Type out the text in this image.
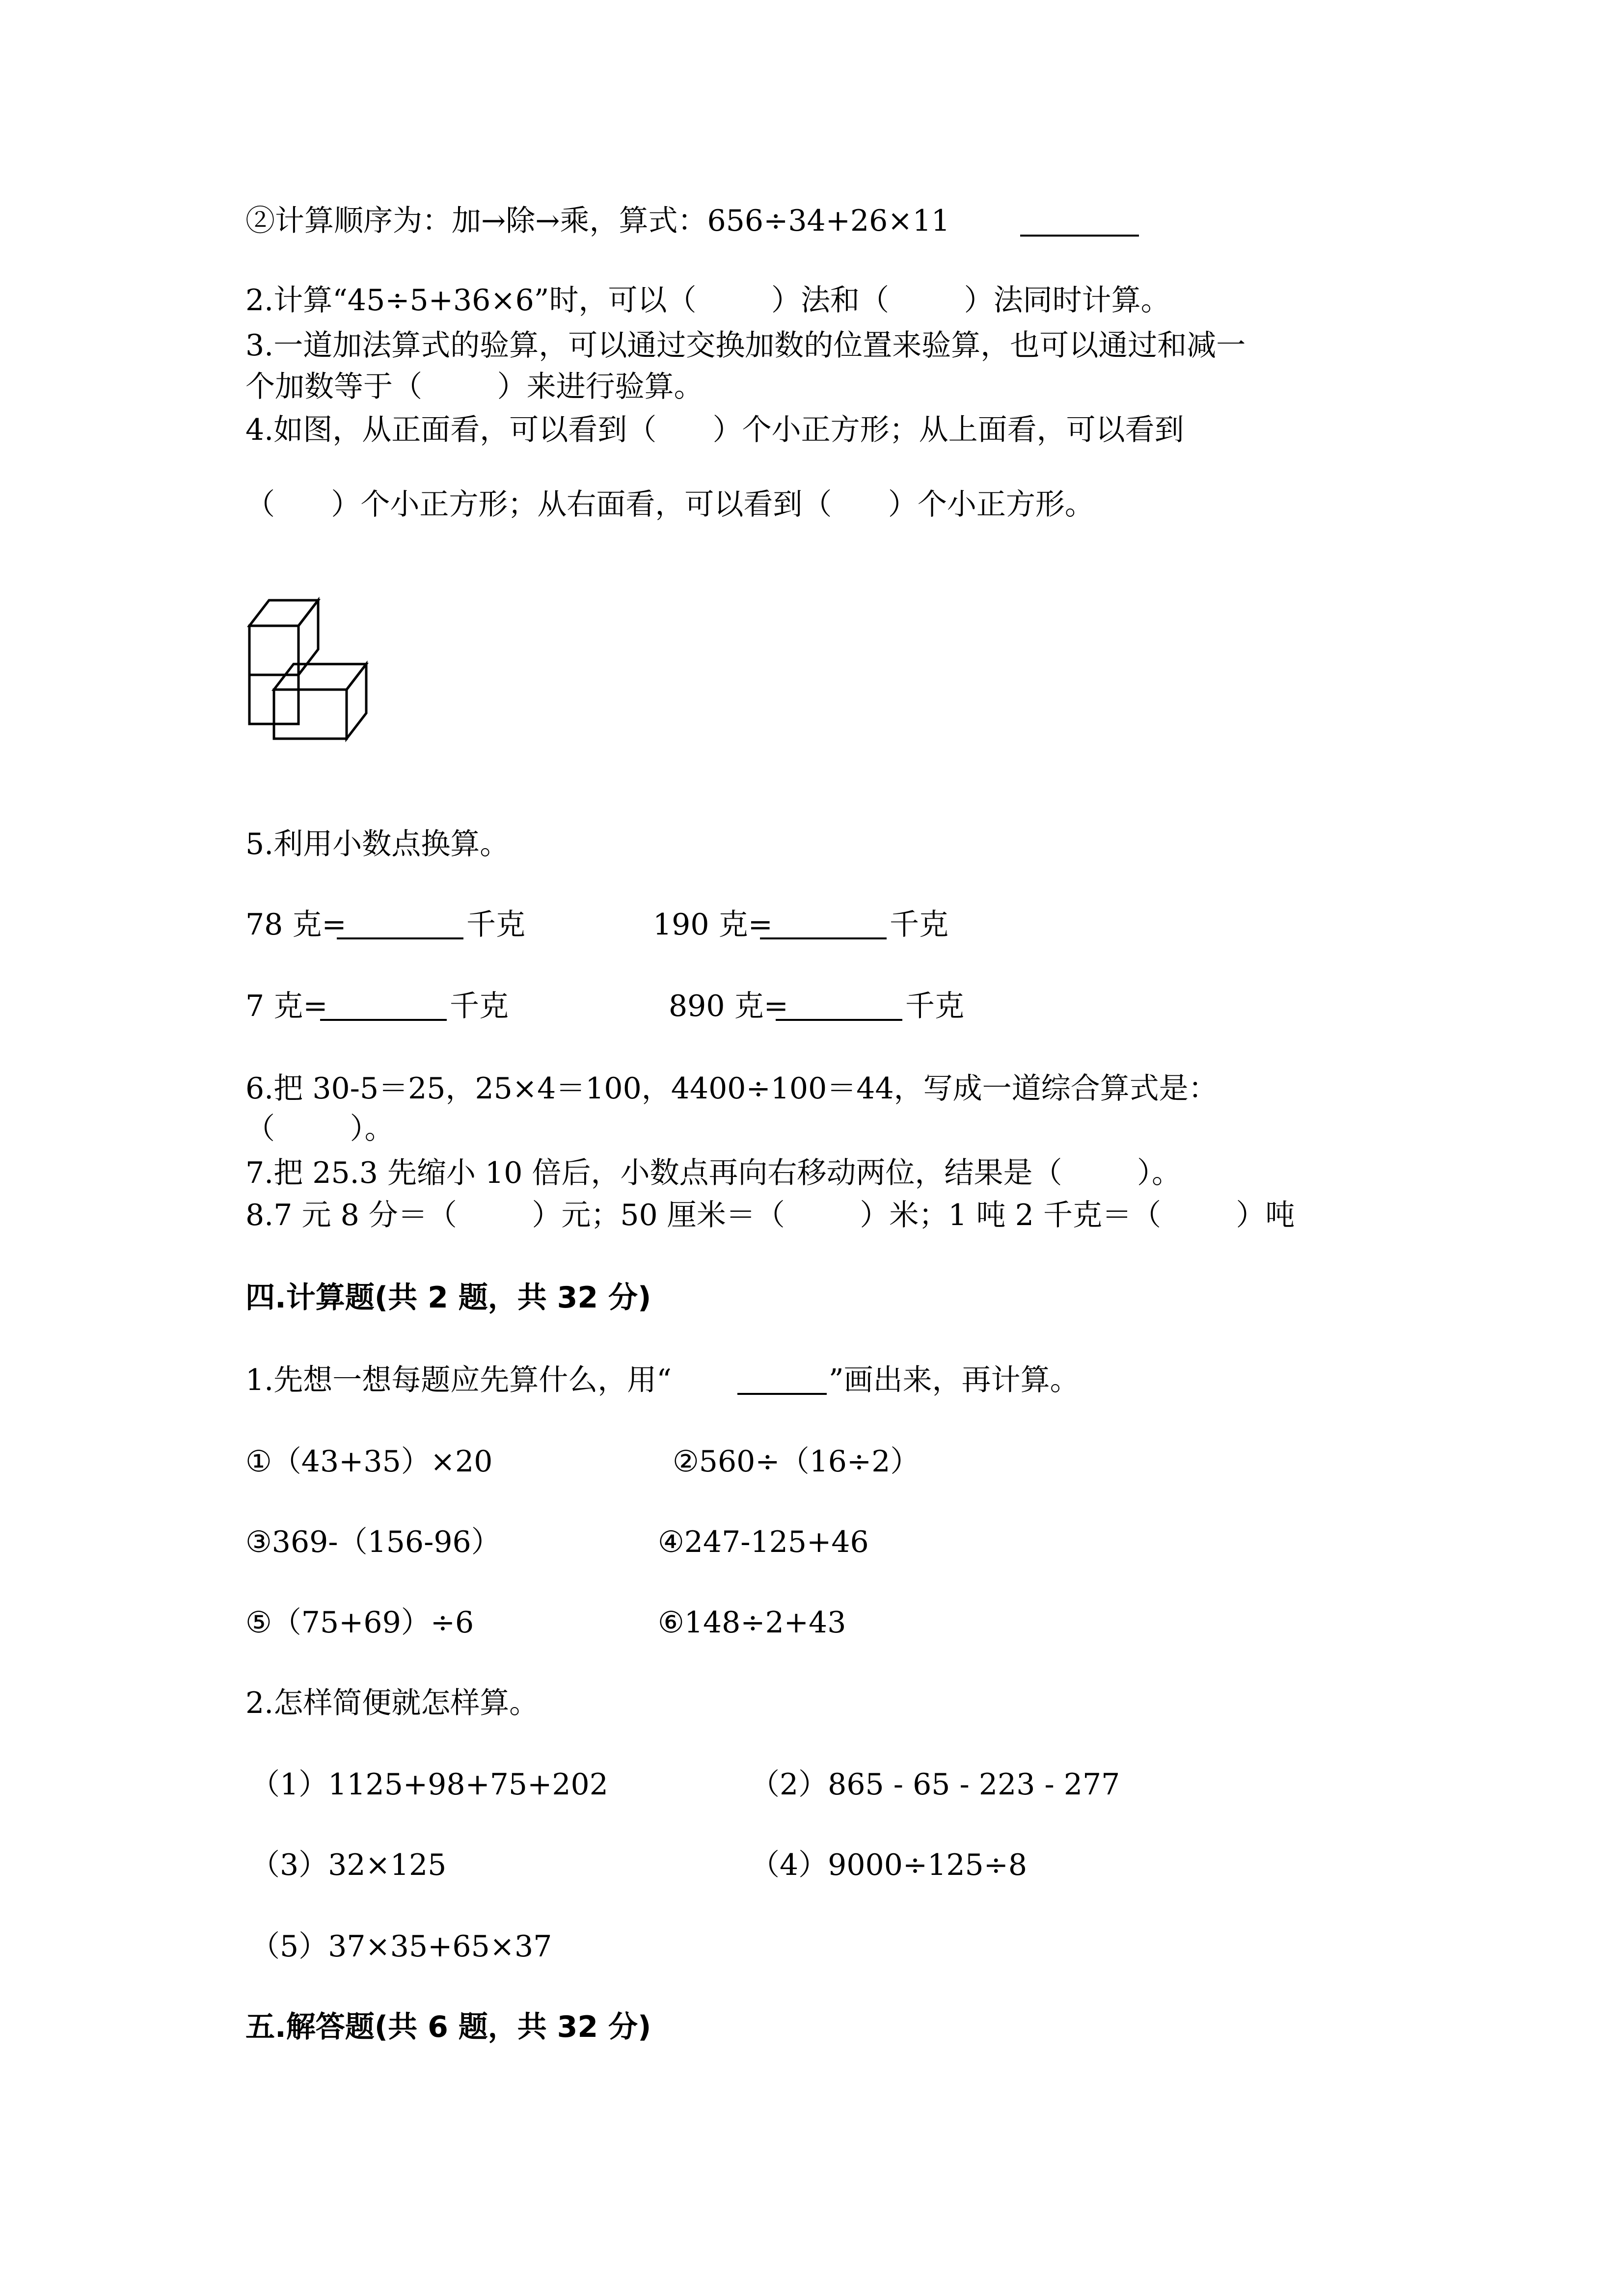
②计算顺序为：加→除→乘，算式：656÷34+26×11
2.计算“45÷5+36×6”时，可以（        ）法和（        ）法同时计算。
3.一道加法算式的验算，可以通过交换加数的位置来验算，也可以通过和减一
个加数等于（        ）来进行验算。
4.如图，从正面看，可以看到（      ）个小正方形；从上面看，可以看到
（      ）个小正方形；从右面看，可以看到（      ）个小正方形。
5.利用小数点换算。
78 克=	千克	190 克=	千克
7 克=	千克	890 克=	千克
6.把 30-5＝25，25×4＝100，4400÷100＝44，写成一道综合算式是：
（        ）。
7.把 25.3 先缩小 10 倍后，小数点再向右移动两位，结果是（        ）。
8.7 元 8 分＝（        ）元；50 厘米＝（        ）米；1 吨 2 千克＝（        ）吨
四.计算题(共 2 题，共 32 分)
1.先想一想每题应先算什么，用“	”画出来，再计算。
①（43+35）×20	②560÷（16÷2）
③369-（156-96）	④247-125+46
⑤（75+69）÷6	⑥148÷2+43
2.怎样简便就怎样算。
（1）1125+98+75+202	（2）865 - 65 - 223 - 277
（3）32×125	（4）9000÷125÷8
（5）37×35+65×37
五.解答题(共 6 题，共 32 分)
